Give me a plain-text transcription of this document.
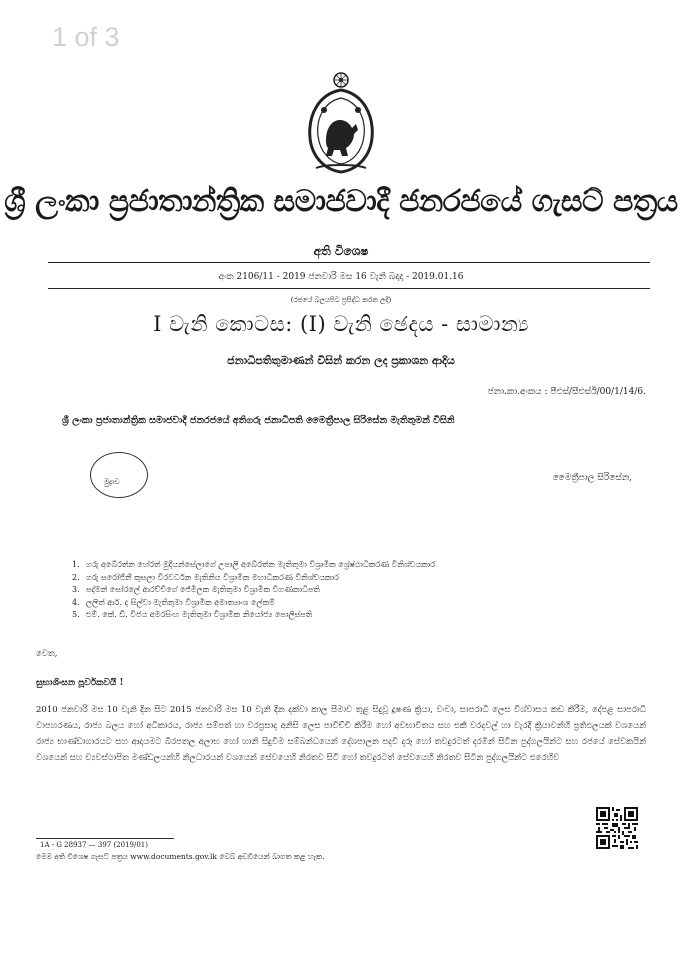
1 of 3
ශ්‍රී ලංකා ප්‍රජාතාන්ත්‍රික සමාජවාදී ජනරජයේ ගැසට් පත්‍රය
අති විශෙෂ
අංක 2106/11 - 2019 ජනවාරි මස 16 වැනි බදාදා - 2019.01.16
(රජයේ බලයපිට ප්‍රසිද්ධ කරන ලදී)
I වැනි කොටස: (I) වැනි ඡෙදය - සාමාන්‍ය
ජනාධිපතිතුමාණන් විසින් කරන ලද ප්‍රකාශන ආදිය
ජනා.කා.අංකය : පීඑස්/සීඑස්ඊ/00/1/14/6.
ශ්‍රී ලංකා ප්‍රජාතාන්ත්‍රික සමාජවාදී ජනරජයේ අතිගරු ජනාධිපති මෛත්‍රීපාල සිරිසේන මැතිතුමන් විසිනි
මුද්‍රාව	මෛත්‍රීපාල සිරිසේන,
1. ගරු අබේරත්න හේරත් මුදියන්සේලාගේ උපාලි අබේරත්න මැතිතුමා විශ්‍රාමික ශ්‍රේෂ්ඨාධිකරණ විනිශ්චයකාර
2. ගරු සරෝජිනී කුසලා වීරවර්ධන මැතිනිය විශ්‍රාමික මහාධිකරණ විනිශ්චයකාර
3. පද්මන් සෝරලේ ආරච්චිගේ ජේමිලක මැතිතුමා විශ්‍රාමික විගණකාධිපති
4. ලලිත් ආර්. ද සිල්වා මැතිතුමා විශ්‍රාමික අමාත්‍යාංශ ලේකම්
5. එම්. කේ. ඩී. විජය අමරසිංහ මැතිතුමා විශ්‍රාමික නියෝජ්‍ය පොලිස්පති
වෙත,
සුභාශිංසන පූර්වකවයි !
2010 ජනවාරි මස 10 වැනි දින සිට 2015 ජනවාරි මස 10 වැනි දින දක්වා කාල සීමාව තුළ සිදුවූ දූෂණ ක්‍රියා, වංචා, සාපරාධී ලෙස විශ්වාසය කඩ කිරීම, දේපළ සාපරාධී වාපහරණය, රාජ්‍ය බලය හෝ අධිකාරය, රාජ්‍ය සම්පත් හා වරප්‍රසාද අනිසි ලෙස පාවිච්චි කිරීම හෝ අවභාවිතය සහ එකී වරදවල් හා වැරදි ක්‍රියාවන්හි ප්‍රතිඵලයක් වශයෙන් රාජ්‍ය භාණ්ඩාගාරයට සහ ආදායමට බිරපතල අලාභ හෝ හානි සිදුවීම සම්බන්ධයෙන් දේශපාලන පදවි දරූ හෝ තවදුරටත් දරමින් සිටින පුද්ගලයින්ට සහ රජයේ සේවකයින් වශයෙන් සහ ව්‍යවස්ථාපිත මණ්ඩලයන්හි නිලධාරයන් වශයෙන් සේවයෙහි නිරතව සිටි හෝ තවදුරටත් සේවයෙහි නිරතව සිටින පුද්ගලයින්ට එරෙහිව
1A - G 28937 — 397 (2019/01)
මෙම අති විශෙෂ ගැසට් පත්‍රය www.documents.gov.lk වෙබ් අඩවියෙන් බාගත කළ හැක.
